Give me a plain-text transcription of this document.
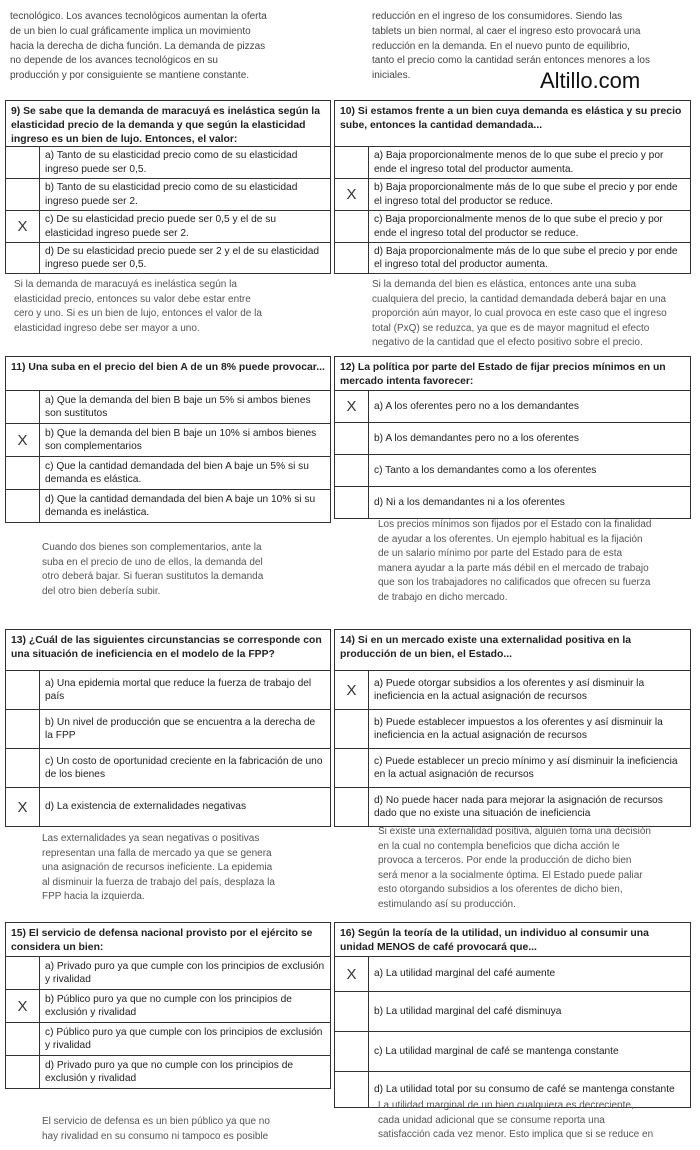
tecnológico. Los avances tecnológicos aumentan la oferta
de un bien lo cual gráficamente implica un movimiento
hacia la derecha de dicha función. La demanda de pizzas
no depende de los avances tecnológicos en su
producción y por consiguiente se mantiene constante.
reducción en el ingreso de los consumidores. Siendo las
tablets un bien normal, al caer el ingreso esto provocará una
reducción en la demanda. En el nuevo punto de equilibrio,
tanto el precio como la cantidad serán entonces menores a los
iniciales.	Altillo.com
9) Se sabe que la demanda de maracuyá es inelástica según la elasticidad precio de la demanda y que según la elasticidad ingreso es un bien de lujo. Entonces, el valor:
a) Tanto de su elasticidad precio como de su elasticidad ingreso puede ser 0,5.
b) Tanto de su elasticidad precio como de su elasticidad ingreso puede ser 2.
X	c) De su elasticidad precio puede ser 0,5 y el de su elasticidad ingreso puede ser 2.
d) De su elasticidad precio puede ser 2 y el de su elasticidad ingreso puede ser 0,5.
Si la demanda de maracuyá es inelástica según la
elasticidad precio, entonces su valor debe estar entre
cero y uno. Si es un bien de lujo, entonces el valor de la
elasticidad ingreso debe ser mayor a uno.
10) Si estamos frente a un bien cuya demanda es elástica y su precio sube, entonces la cantidad demandada...
a) Baja proporcionalmente menos de lo que sube el precio y por ende el ingreso total del productor aumenta.
X	b) Baja proporcionalmente más de lo que sube el precio y por ende el ingreso total del productor se reduce.
c) Baja proporcionalmente menos de lo que sube el precio y por ende el ingreso total del productor se reduce.
d) Baja proporcionalmente más de lo que sube el precio y por ende el ingreso total del productor aumenta.
Si la demanda del bien es elástica, entonces ante una suba
cualquiera del precio, la cantidad demandada deberá bajar en una
proporción aún mayor, lo cual provoca en este caso que el ingreso
total (PxQ) se reduzca, ya que es de mayor magnitud el efecto
negativo de la cantidad que el efecto positivo sobre el precio.
11) Una suba en el precio del bien A de un 8% puede provocar...
a) Que la demanda del bien B baje un 5% si ambos bienes son sustitutos
X	b) Que la demanda del bien B baje un 10% si ambos bienes son complementarios
c) Que la cantidad demandada del bien A baje un 5% si su demanda es elástica.
d) Que la cantidad demandada del bien A baje un 10% si su demanda es inelástica.
Cuando dos bienes son complementarios, ante la
suba en el precio de uno de ellos, la demanda del
otro deberá bajar. Si fueran sustitutos la demanda
del otro bien debería subir.
12) La política por parte del Estado de fijar precios mínimos en un mercado intenta favorecer:
X	a) A los oferentes pero no a los demandantes
b) A los demandantes pero no a los oferentes
c) Tanto a los demandantes como a los oferentes
d) Ni a los demandantes ni a los oferentes
Los precios mínimos son fijados por el Estado con la finalidad
de ayudar a los oferentes. Un ejemplo habitual es la fijación
de un salario mínimo por parte del Estado para de esta
manera ayudar a la parte más débil en el mercado de trabajo
que son los trabajadores no calificados que ofrecen su fuerza
de trabajo en dicho mercado.
13) ¿Cuál de las siguientes circunstancias se corresponde con una situación de ineficiencia en el modelo de la FPP?
a) Una epidemia mortal que reduce la fuerza de trabajo del país
b) Un nivel de producción que se encuentra a la derecha de la FPP
c) Un costo de oportunidad creciente en la fabricación de uno de los bienes
X	d) La existencia de externalidades negativas
Las externalidades ya sean negativas o positivas
representan una falla de mercado ya que se genera
una asignación de recursos ineficiente. La epidemia
al disminuir la fuerza de trabajo del país, desplaza la
FPP hacia la izquierda.
14) Si en un mercado existe una externalidad positiva en la producción de un bien, el Estado...
X	a) Puede otorgar subsidios a los oferentes y así disminuir la ineficiencia en la actual asignación de recursos
b) Puede establecer impuestos a los oferentes y así disminuir la ineficiencia en la actual asignación de recursos
c) Puede establecer un precio mínimo y así disminuir la ineficiencia en la actual asignación de recursos
d) No puede hacer nada para mejorar la asignación de recursos dado que no existe una situación de ineficiencia
Si existe una externalidad positiva, alguien toma una decisión
en la cual no contempla beneficios que dicha acción le
provoca a terceros. Por ende la producción de dicho bien
será menor a la socialmente óptima. El Estado puede paliar
esto otorgando subsidios a los oferentes de dicho bien,
estimulando así su producción.
15) El servicio de defensa nacional provisto por el ejército se considera un bien:
a) Privado puro ya que cumple con los principios de exclusión y rivalidad
X	b) Público puro ya que no cumple con los principios de exclusión y rivalidad
c) Público puro ya que cumple con los principios de exclusión y rivalidad
d) Privado puro ya que no cumple con los principios de exclusión y rivalidad
El servicio de defensa es un bien público ya que no
hay rivalidad en su consumo ni tampoco es posible
16) Según la teoría de la utilidad, un individuo al consumir una unidad MENOS de café provocará que...
X	a) La utilidad marginal del café aumente
b) La utilidad marginal del café disminuya
c) La utilidad marginal de café se mantenga constante
d) La utilidad total por su consumo de café se mantenga constante
La utilidad marginal de un bien cualquiera es decreciente,
cada unidad adicional que se consume reporta una
satisfacción cada vez menor. Esto implica que si se reduce en
